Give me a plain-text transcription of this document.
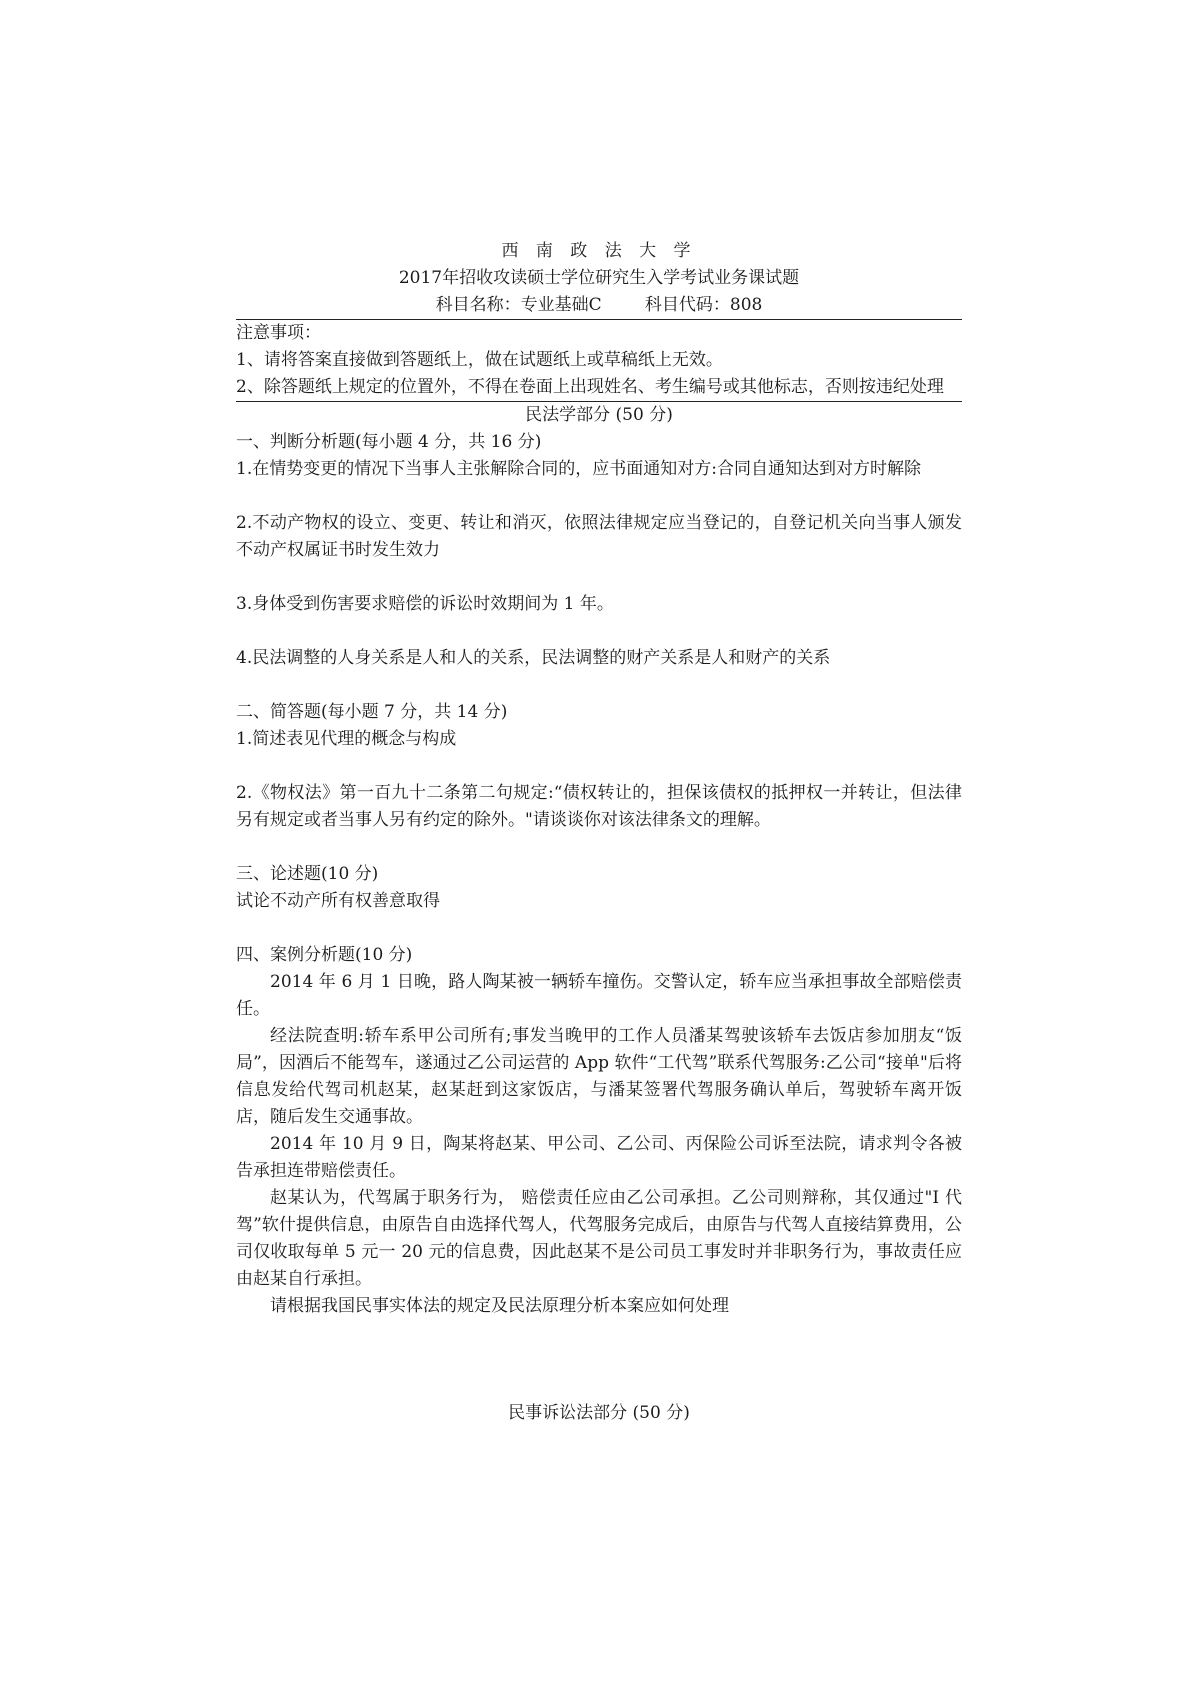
西 南 政 法 大 学

2017年招收攻读硕士学位研究生入学考试业务课试题

科目名称：专业基础C        科目代码：808

注意事项：

1、请将答案直接做到答题纸上，做在试题纸上或草稿纸上无效。

2、除答题纸上规定的位置外，不得在卷面上出现姓名、考生编号或其他标志，否则按违纪处理

民法学部分 (50 分)

一、判断分析题(每小题 4 分，共 16 分)

1.在情势变更的情况下当事人主张解除合同的，应书面通知对方:合同自通知达到对方时解除

2.不动产物权的设立、变更、转让和消灭，依照法律规定应当登记的，自登记机关向当事人颁发不动产权属证书时发生效力

3.身体受到伤害要求赔偿的诉讼时效期间为 1 年。

4.民法调整的人身关系是人和人的关系，民法调整的财产关系是人和财产的关系

二、简答题(每小题 7 分，共 14 分)

1.简述表见代理的概念与构成

2.《物权法》第一百九十二条第二句规定:“债权转让的，担保该债权的抵押权一并转让，但法律另有规定或者当事人另有约定的除外。"请谈谈你对该法律条文的理解。

三、论述题(10 分)

试论不动产所有权善意取得

四、案例分析题(10 分)

2014 年 6 月 1 日晚，路人陶某被一辆轿车撞伤。交警认定，轿车应当承担事故全部赔偿责任。

经法院查明:轿车系甲公司所有;事发当晚甲的工作人员潘某驾驶该轿车去饭店参加朋友“饭局”，因酒后不能驾车，遂通过乙公司运营的 App 软件“工代驾”联系代驾服务:乙公司“接单"后将信息发给代驾司机赵某，赵某赶到这家饭店，与潘某签署代驾服务确认单后，驾驶轿车离开饭店，随后发生交通事故。

2014 年 10 月 9 日，陶某将赵某、甲公司、乙公司、丙保险公司诉至法院，请求判令各被告承担连带赔偿责任。

赵某认为，代驾属于职务行为， 赔偿责任应由乙公司承担。乙公司则辩称，其仅通过"I 代驾”软什提供信息，由原告自由选择代驾人，代驾服务完成后，由原告与代驾人直接结算费用，公司仅收取每单 5 元一 20 元的信息费，因此赵某不是公司员工事发时并非职务行为，事故责任应由赵某自行承担。

请根据我国民事实体法的规定及民法原理分析本案应如何处理

民事诉讼法部分 (50 分)
